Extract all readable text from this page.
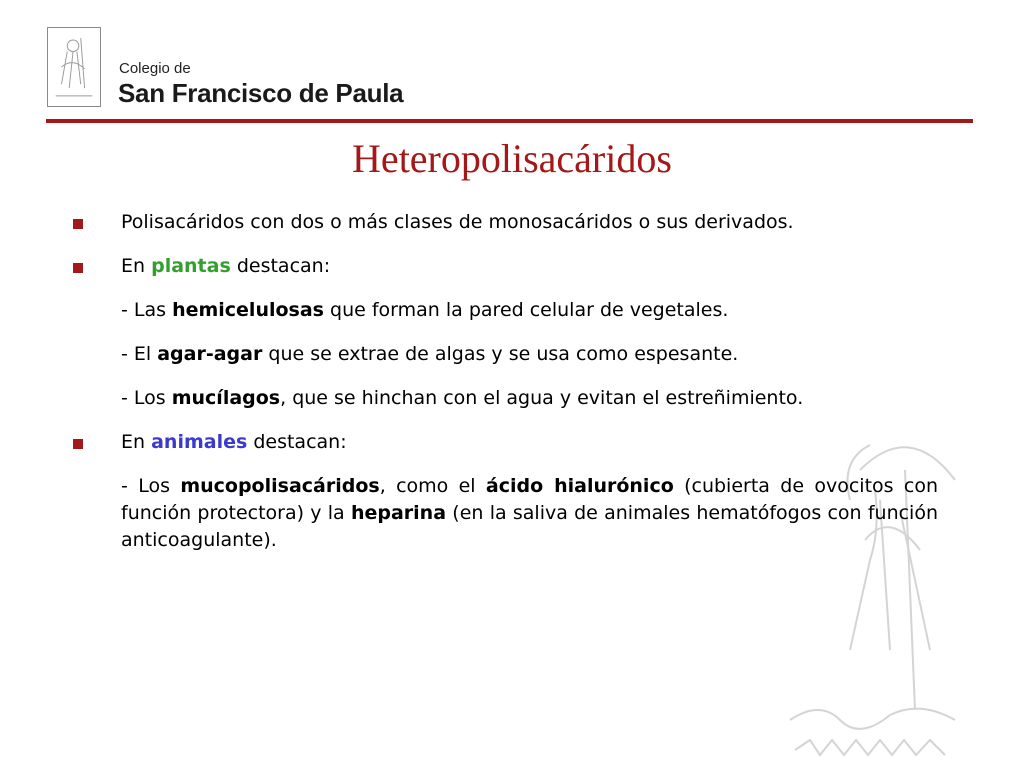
Colegio de
San Francisco de Paula
Heteropolisacáridos
Polisacáridos con dos o más clases de monosacáridos o sus derivados.
En plantas destacan:
- Las hemicelulosas que forman la pared celular de vegetales.
- El agar-agar que se extrae de algas y se usa como espesante.
- Los mucílagos, que se hinchan con el agua y evitan el estreñimiento.
En animales destacan:
- Los mucopolisacáridos, como el ácido hialurónico (cubierta de ovocitos con función protectora) y la heparina (en la saliva de animales hematófogos con función anticoagulante).
